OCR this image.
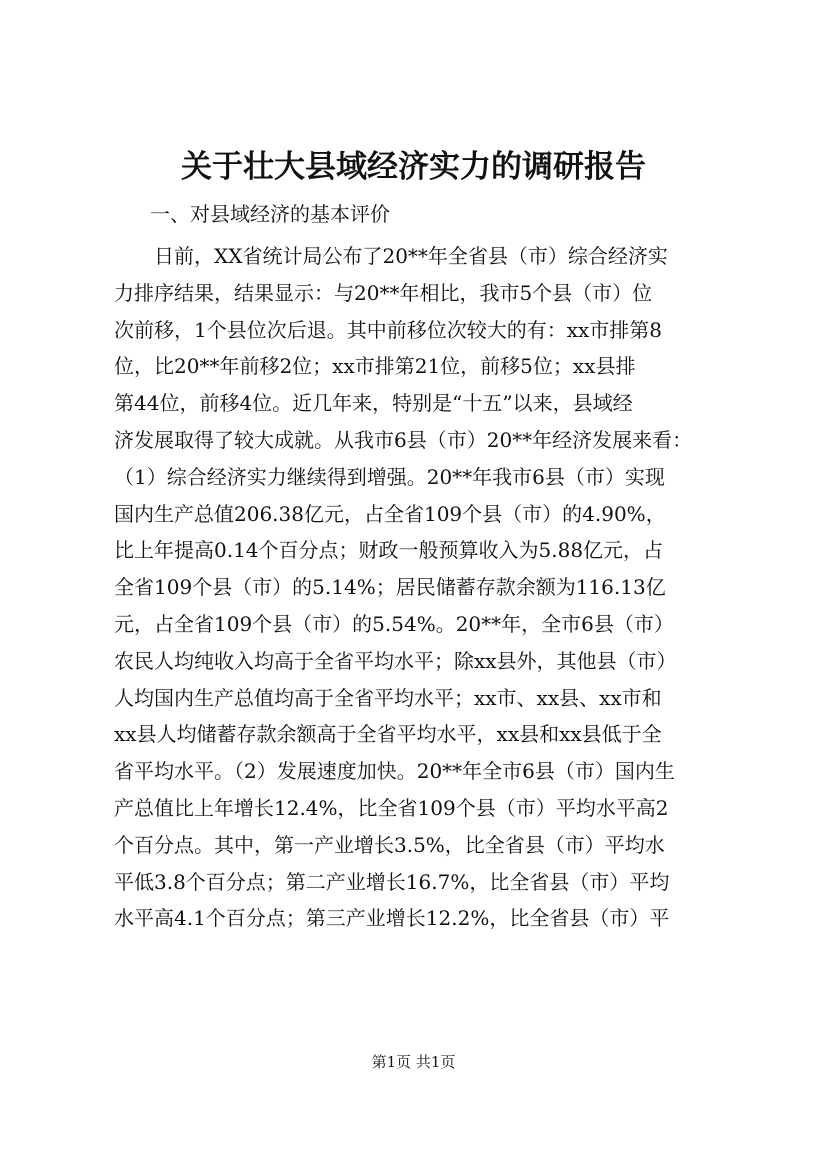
关于壮大县域经济实力的调研报告
一、对县域经济的基本评价
日前，XX省统计局公布了20**年全省县（市）综合经济实
力排序结果，结果显示：与20**年相比，我市5个县（市）位
次前移，1个县位次后退。其中前移位次较大的有：xx市排第8
位，比20**年前移2位；xx市排第21位，前移5位；xx县排
第44位，前移4位。近几年来，特别是“十五”以来，县域经
济发展取得了较大成就。从我市6县（市）20**年经济发展来看：
（1）综合经济实力继续得到增强。20**年我市6县（市）实现
国内生产总值206.38亿元，占全省109个县（市）的4.90%，
比上年提高0.14个百分点；财政一般预算收入为5.88亿元，占
全省109个县（市）的5.14%；居民储蓄存款余额为116.13亿
元，占全省109个县（市）的5.54%。20**年，全市6县（市）
农民人均纯收入均高于全省平均水平；除xx县外，其他县（市）
人均国内生产总值均高于全省平均水平；xx市、xx县、xx市和
xx县人均储蓄存款余额高于全省平均水平，xx县和xx县低于全
省平均水平。（2）发展速度加快。20**年全市6县（市）国内生
产总值比上年增长12.4%，比全省109个县（市）平均水平高2
个百分点。其中，第一产业增长3.5%，比全省县（市）平均水
平低3.8个百分点；第二产业增长16.7%，比全省县（市）平均
水平高4.1个百分点；第三产业增长12.2%，比全省县（市）平
第1页 共1页
